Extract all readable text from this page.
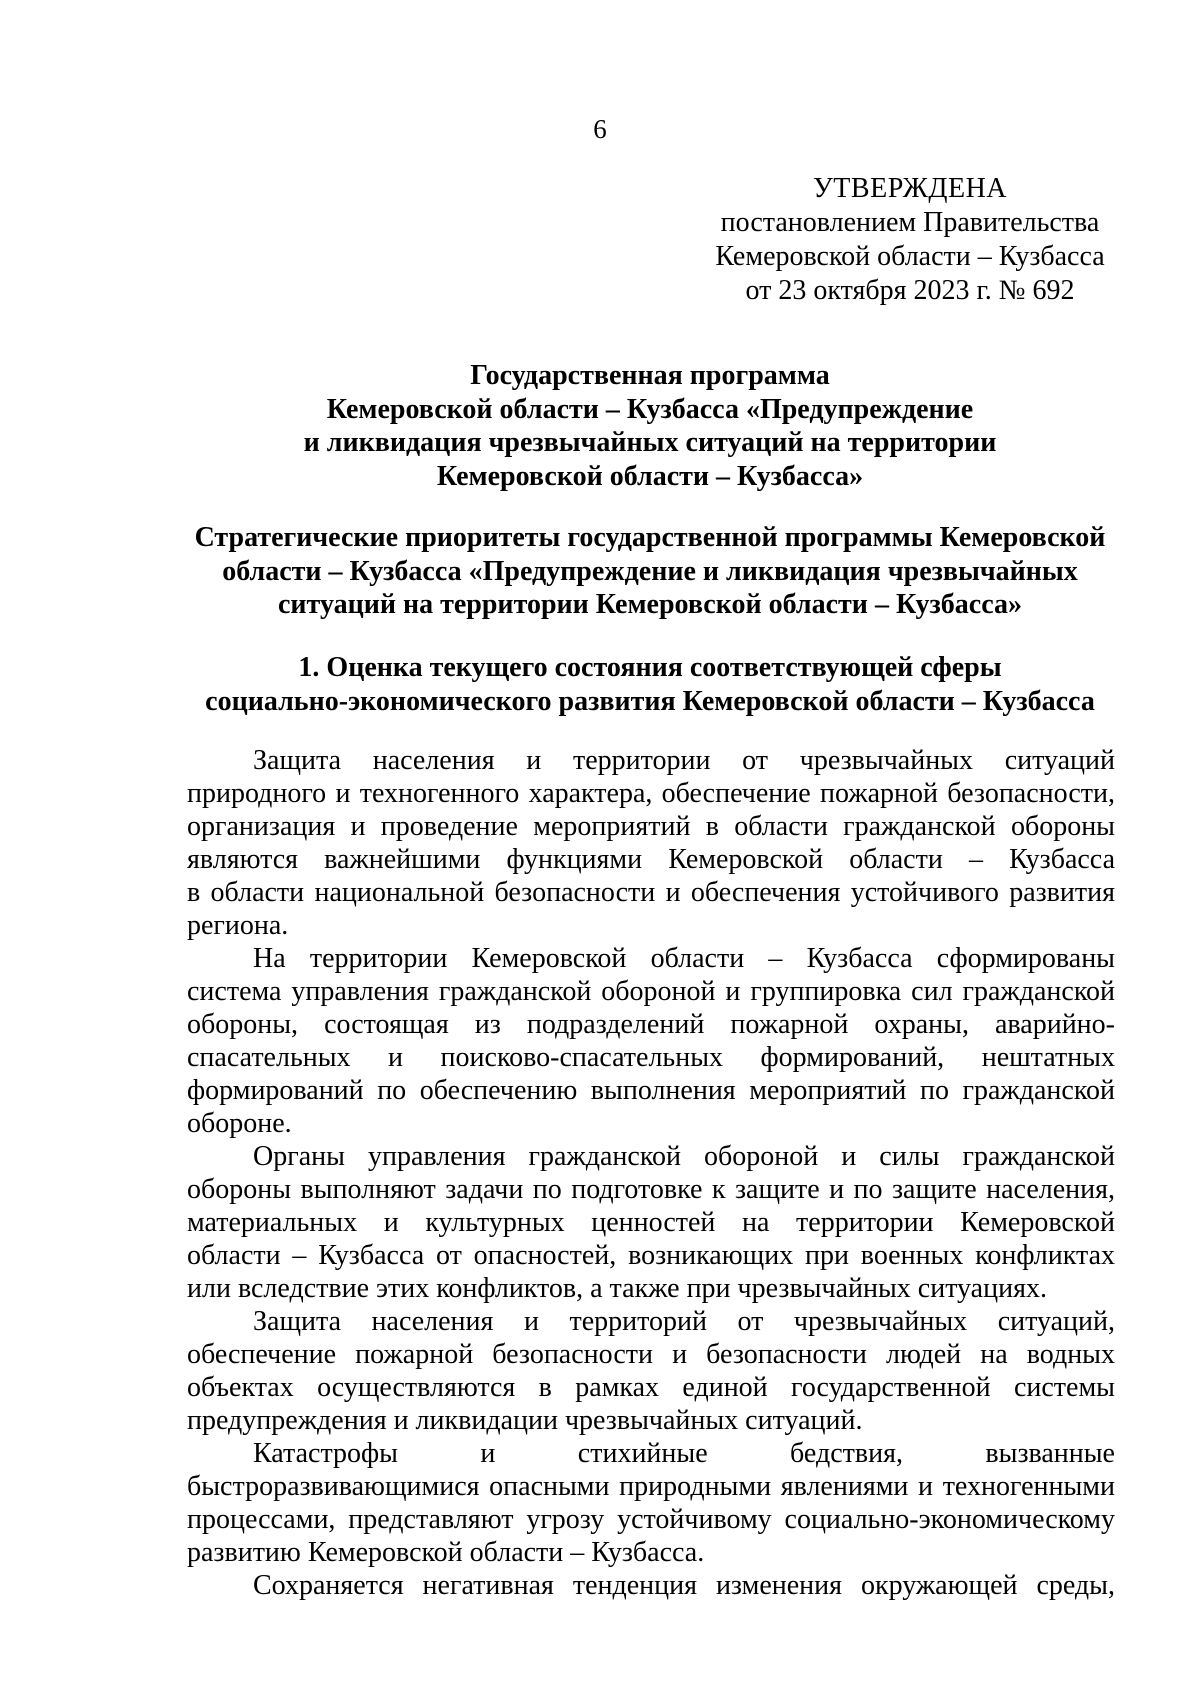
6
УТВЕРЖДЕНА
постановлением Правительства
Кемеровской области – Кузбасса
от 23 октября 2023 г. № 692
Государственная программа
Кемеровской области – Кузбасса «Предупреждение
и ликвидация чрезвычайных ситуаций на территории
Кемеровской области – Кузбасса»
Стратегические приоритеты государственной программы Кемеровской
области – Кузбасса «Предупреждение и ликвидация чрезвычайных
ситуаций на территории Кемеровской области – Кузбасса»
1. Оценка текущего состояния соответствующей сферы
социально-экономического развития Кемеровской области – Кузбасса
Защита населения и территории от чрезвычайных ситуаций
природного и техногенного характера, обеспечение пожарной безопасности,
организация и проведение мероприятий в области гражданской обороны
являются важнейшими функциями Кемеровской области – Кузбасса
в области национальной безопасности и обеспечения устойчивого развития
региона.
На территории Кемеровской области – Кузбасса сформированы
система управления гражданской обороной и группировка сил гражданской
обороны, состоящая из подразделений пожарной охраны, аварийно-
спасательных и поисково-спасательных формирований, нештатных
формирований по обеспечению выполнения мероприятий по гражданской
обороне.
Органы управления гражданской обороной и силы гражданской
обороны выполняют задачи по подготовке к защите и по защите населения,
материальных и культурных ценностей на территории Кемеровской
области – Кузбасса от опасностей, возникающих при военных конфликтах
или вследствие этих конфликтов, а также при чрезвычайных ситуациях.
Защита населения и территорий от чрезвычайных ситуаций,
обеспечение пожарной безопасности и безопасности людей на водных
объектах осуществляются в рамках единой государственной системы
предупреждения и ликвидации чрезвычайных ситуаций.
Катастрофы и стихийные бедствия, вызванные
быстроразвивающимися опасными природными явлениями и техногенными
процессами, представляют угрозу устойчивому социально-экономическому
развитию Кемеровской области – Кузбасса.
Сохраняется негативная тенденция изменения окружающей среды,
